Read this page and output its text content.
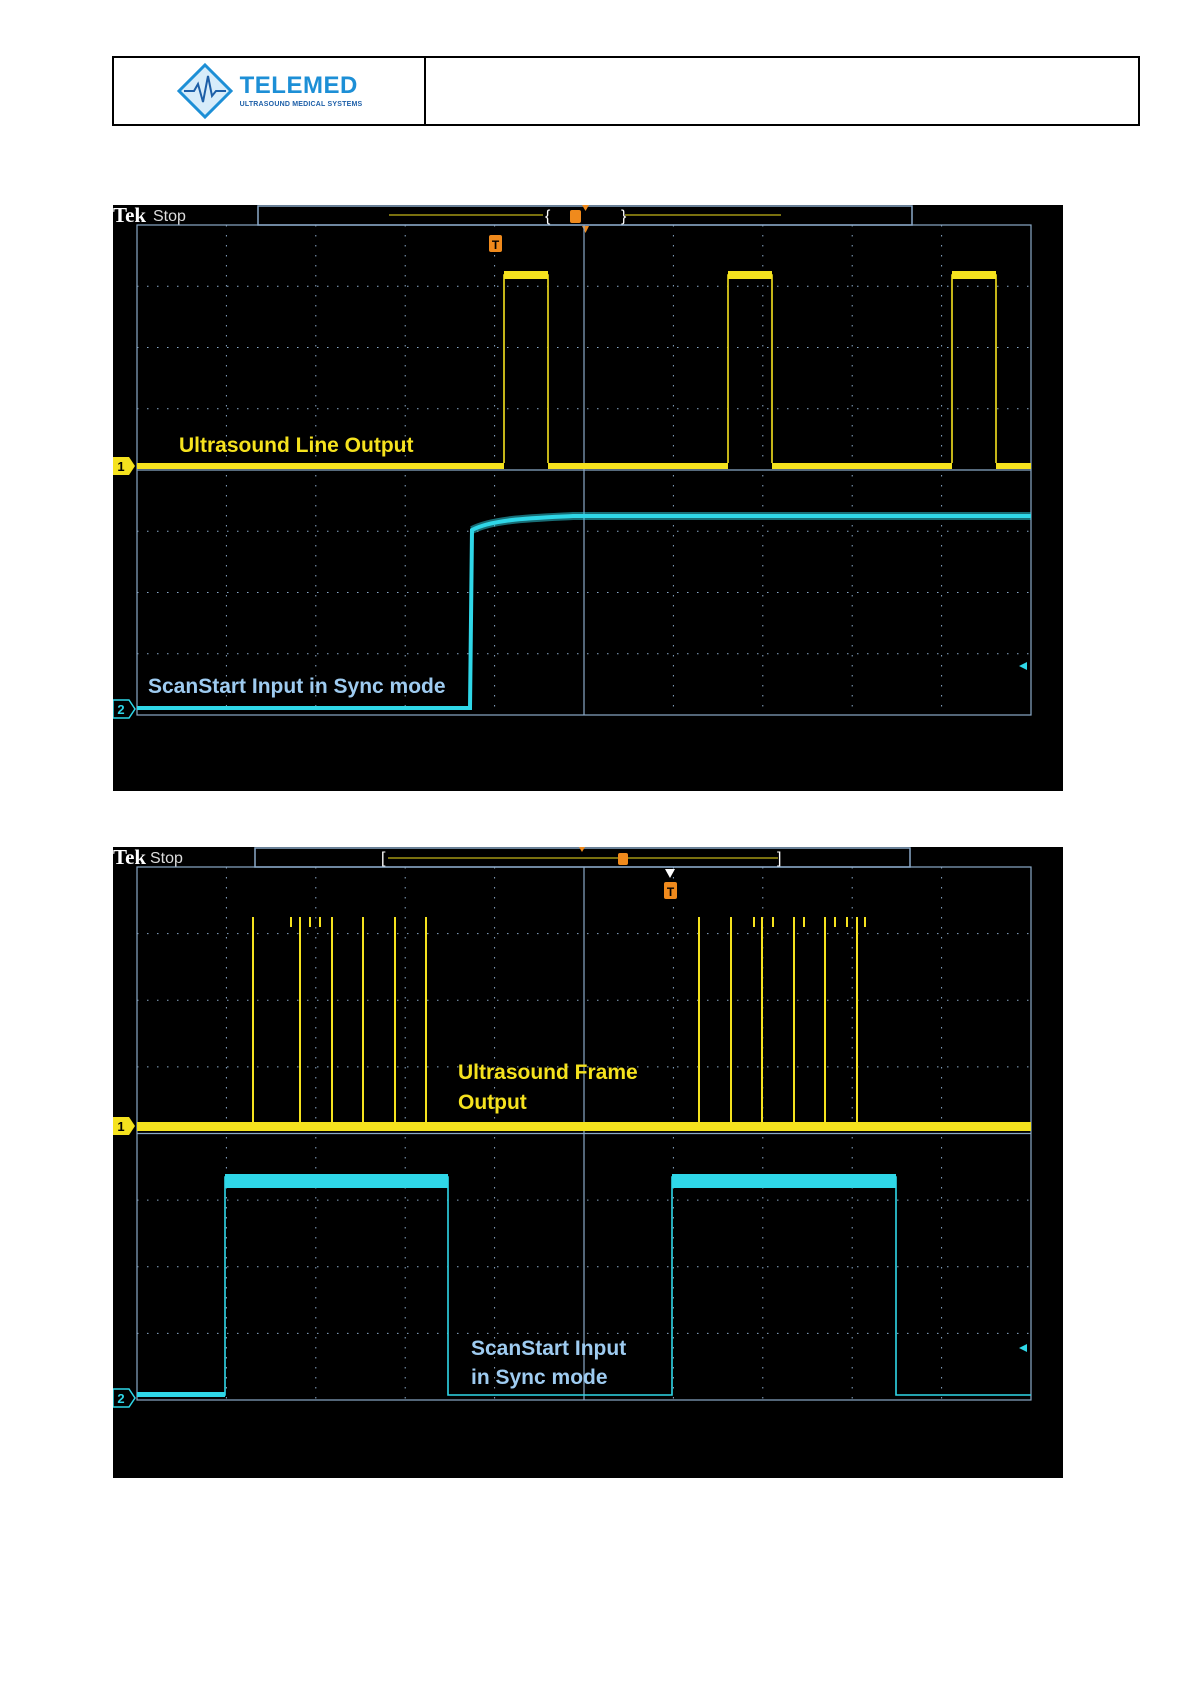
TELEMED
ULTRASOUND MEDICAL SYSTEMS
Tek Stop	{	}
T
1
2
Ultrasound Line Output
ScanStart Input in Sync mode
Tek Stop	[	]
T
1
2
Ultrasound Frame
Output
ScanStart Input
in Sync mode
